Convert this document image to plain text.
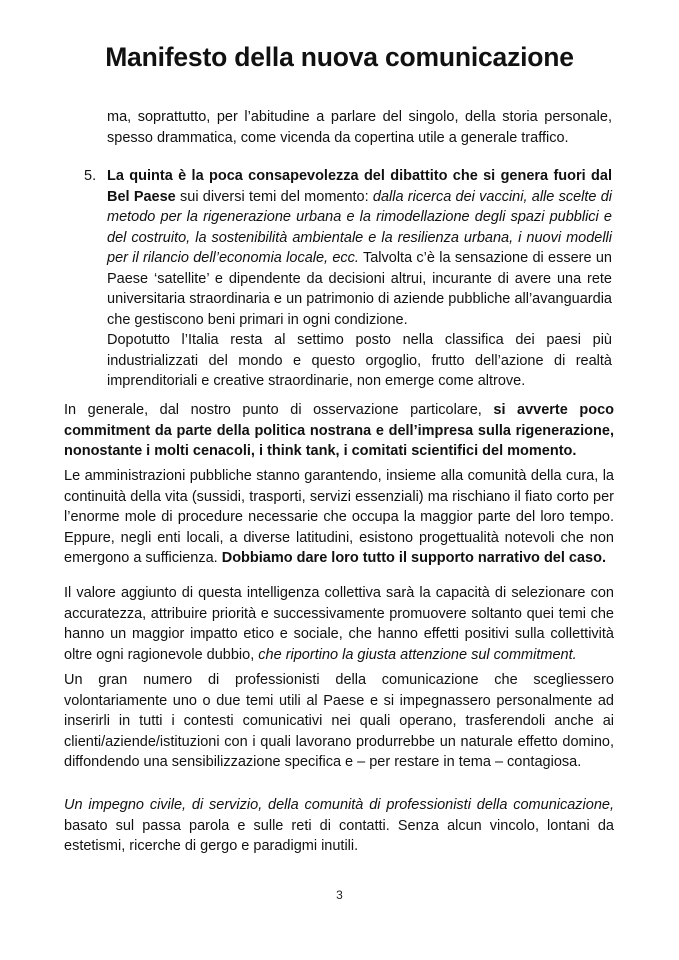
Manifesto della nuova comunicazione
ma, soprattutto, per l’abitudine a parlare del singolo, della storia personale, spesso drammatica, come vicenda da copertina utile a generale traffico.
5. La quinta è la poca consapevolezza del dibattito che si genera fuori dal Bel Paese sui diversi temi del momento: dalla ricerca dei vaccini, alle scelte di metodo per la rigenerazione urbana e la rimodellazione degli spazi pubblici e del costruito, la sostenibilità ambientale e la resilienza urbana, i nuovi modelli per il rilancio dell’economia locale, ecc. Talvolta c’è la sensazione di essere un Paese ‘satellite’ e dipendente da decisioni altrui, incurante di avere una rete universitaria straordinaria e un patrimonio di aziende pubbliche all’avanguardia che gestiscono beni primari in ogni condizione.
Dopotutto l’Italia resta al settimo posto nella classifica dei paesi più industrializzati del mondo e questo orgoglio, frutto dell’azione di realtà imprenditoriali e creative straordinarie, non emerge come altrove.
In generale, dal nostro punto di osservazione particolare, si avverte poco commitment da parte della politica nostrana e dell’impresa sulla rigenerazione, nonostante i molti cenacoli, i think tank, i comitati scientifici del momento.
Le amministrazioni pubbliche stanno garantendo, insieme alla comunità della cura, la continuità della vita (sussidi, trasporti, servizi essenziali) ma rischiano il fiato corto per l’enorme mole di procedure necessarie che occupa la maggior parte del loro tempo. Eppure, negli enti locali, a diverse latitudini, esistono progettualità notevoli che non emergono a sufficienza. Dobbiamo dare loro tutto il supporto narrativo del caso.
Il valore aggiunto di questa intelligenza collettiva sarà la capacità di selezionare con accuratezza, attribuire priorità e successivamente promuovere soltanto quei temi che hanno un maggior impatto etico e sociale, che hanno effetti positivi sulla collettività oltre ogni ragionevole dubbio, che riportino la giusta attenzione sul commitment.
Un gran numero di professionisti della comunicazione che scegliessero volontariamente uno o due temi utili al Paese e si impegnassero personalmente ad inserirli in tutti i contesti comunicativi nei quali operano, trasferendoli anche ai clienti/aziende/istituzioni con i quali lavorano produrrebbe un naturale effetto domino, diffondendo una sensibilizzazione specifica e – per restare in tema – contagiosa.
Un impegno civile, di servizio, della comunità di professionisti della comunicazione, basato sul passa parola e sulle reti di contatti. Senza alcun vincolo, lontani da estetismi, ricerche di gergo e paradigmi inutili.
3
